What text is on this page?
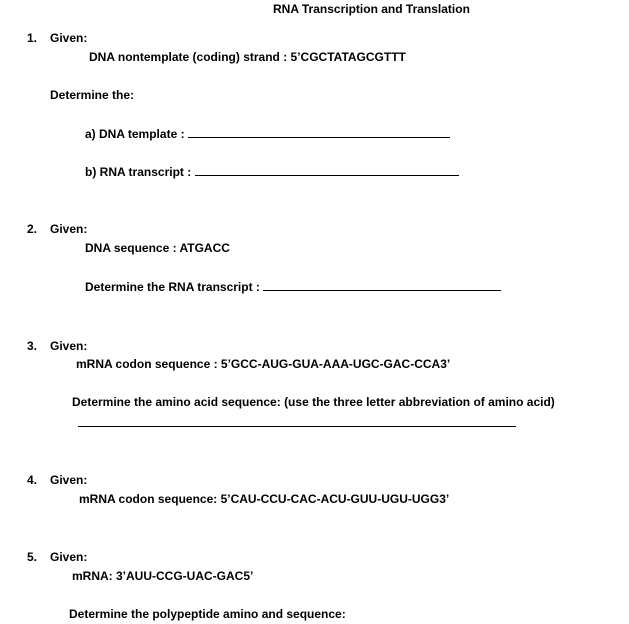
RNA Transcription and Translation
1. Given:
DNA nontemplate (coding) strand : 5’CGCTATAGCGTTT
Determine the:
a) DNA template :
b) RNA transcript :
2. Given:
DNA sequence : ATGACC
Determine the RNA transcript :
3. Given:
mRNA codon sequence : 5’GCC-AUG-GUA-AAA-UGC-GAC-CCA3’
Determine the amino acid sequence: (use the three letter abbreviation of amino acid)
4. Given:
mRNA codon sequence: 5’CAU-CCU-CAC-ACU-GUU-UGU-UGG3’
5. Given:
mRNA: 3’AUU-CCG-UAC-GAC5’
Determine the polypeptide amino and sequence:
